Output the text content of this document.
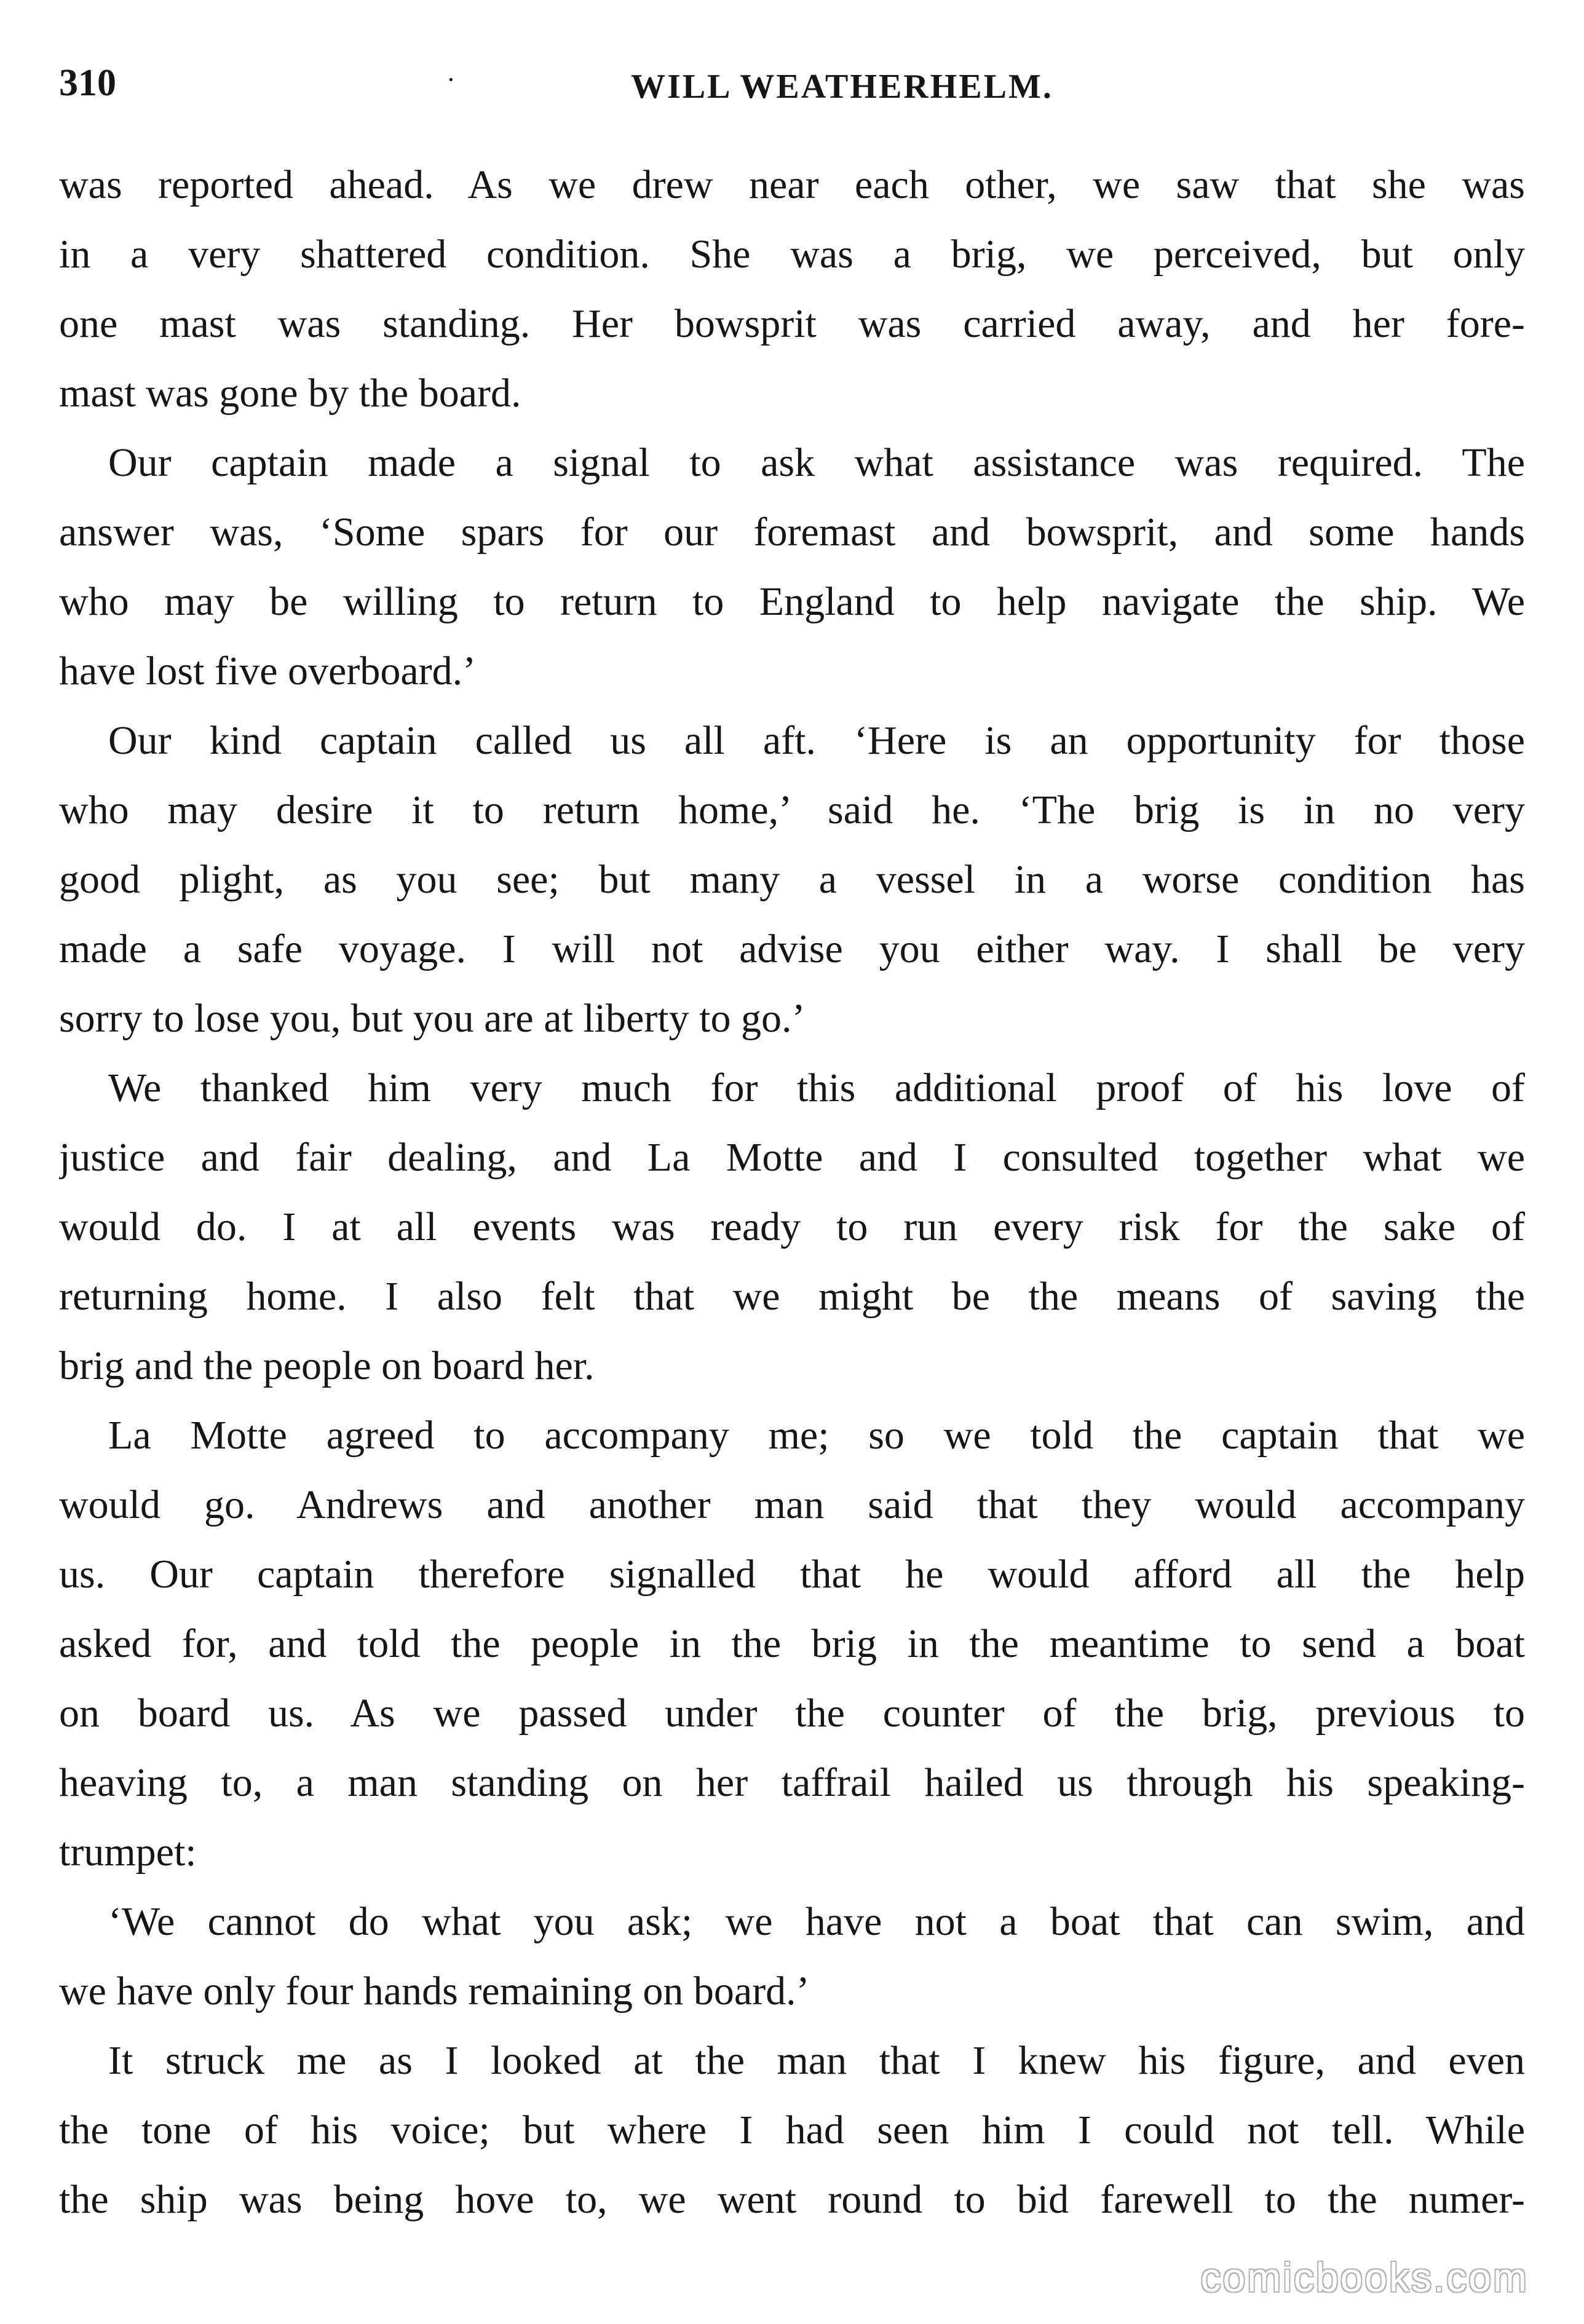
310	·	WILL WEATHERHELM.
was reported ahead. As we drew near each other, we saw that she was
in a very shattered condition. She was a brig, we perceived, but only
one mast was standing. Her bowsprit was carried away, and her fore-
mast was gone by the board.
Our captain made a signal to ask what assistance was required. The
answer was, ‘Some spars for our foremast and bowsprit, and some hands
who may be willing to return to England to help navigate the ship. We
have lost five overboard.’
Our kind captain called us all aft. ‘Here is an opportunity for those
who may desire it to return home,’ said he. ‘The brig is in no very
good plight, as you see; but many a vessel in a worse condition has
made a safe voyage. I will not advise you either way. I shall be very
sorry to lose you, but you are at liberty to go.’
We thanked him very much for this additional proof of his love of
justice and fair dealing, and La Motte and I consulted together what we
would do. I at all events was ready to run every risk for the sake of
returning home. I also felt that we might be the means of saving the
brig and the people on board her.
La Motte agreed to accompany me; so we told the captain that we
would go. Andrews and another man said that they would accompany
us. Our captain therefore signalled that he would afford all the help
asked for, and told the people in the brig in the meantime to send a boat
on board us. As we passed under the counter of the brig, previous to
heaving to, a man standing on her taffrail hailed us through his speaking-
trumpet:
‘We cannot do what you ask; we have not a boat that can swim, and
we have only four hands remaining on board.’
It struck me as I looked at the man that I knew his figure, and even
the tone of his voice; but where I had seen him I could not tell. While
the ship was being hove to, we went round to bid farewell to the numer-
comicbooks.com
